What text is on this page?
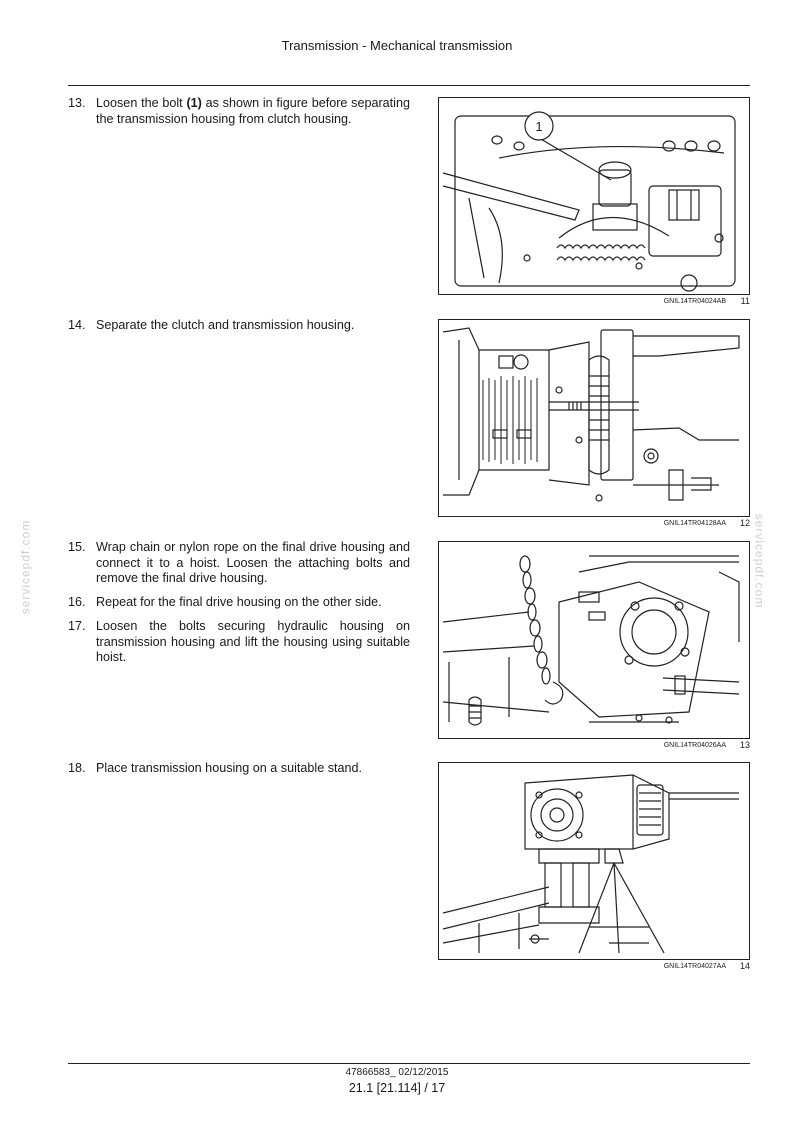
Transmission - Mechanical transmission
13. Loosen the bolt (1) as shown in figure before separating the transmission housing from clutch housing.
14. Separate the clutch and transmission housing.
15. Wrap chain or nylon rope on the final drive housing and connect it to a hoist. Loosen the attaching bolts and remove the final drive housing.
16. Repeat for the final drive housing on the other side.
17. Loosen the bolts securing hydraulic housing on transmission housing and lift the housing using suitable hoist.
18. Place transmission housing on a suitable stand.
1
GNIL14TR04024AB 11
GNIL14TR04128AA 12
GNIL14TR04026AA 13
GNIL14TR04027AA 14
servicepdf.com	servicepdf.com
47866583_ 02/12/2015
21.1 [21.114] / 17
